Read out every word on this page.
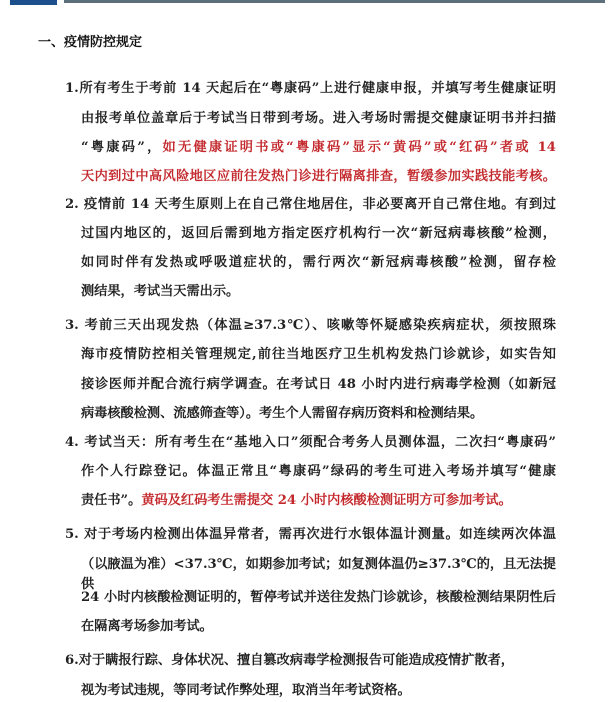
一、疫情防控规定
1.所有考生于考前 14 天起后在“粤康码”上进行健康申报，并填写考生健康证明
由报考单位盖章后于考试当日带到考场。进入考场时需提交健康证明书并扫描
“粤康码”，如无健康证明书或“粤康码”显示“黄码”或“红码”者或 14
天内到过中高风险地区应前往发热门诊进行隔离排查，暂缓参加实践技能考核。
2. 疫情前 14 天考生原则上在自己常住地居住，非必要离开自己常住地。有到过
过国内地区的，返回后需到地方指定医疗机构行一次“新冠病毒核酸”检测，
如同时伴有发热或呼吸道症状的，需行两次“新冠病毒核酸”检测，留存检
测结果，考试当天需出示。
3. 考前三天出现发热（体温≥37.3℃）、咳嗽等怀疑感染疾病症状，须按照珠
海市疫情防控相关管理规定,前往当地医疗卫生机构发热门诊就诊，如实告知
接诊医师并配合流行病学调查。在考试日 48 小时内进行病毒学检测（如新冠
病毒核酸检测、流感筛查等）。考生个人需留存病历资料和检测结果。
4. 考试当天：所有考生在“基地入口”须配合考务人员测体温，二次扫“粤康码”
作个人行踪登记。体温正常且“粤康码”绿码的考生可进入考场并填写“健康
责任书”。黄码及红码考生需提交 24 小时内核酸检测证明方可参加考试。
5. 对于考场内检测出体温异常者，需再次进行水银体温计测量。如连续两次体温
（以腋温为准）<37.3℃，如期参加考试；如复测体温仍≥37.3℃的，且无法提供
24 小时内核酸检测证明的，暂停考试并送往发热门诊就诊，核酸检测结果阴性后
在隔离考场参加考试。
6.对于瞒报行踪、身体状况、擅自篡改病毒学检测报告可能造成疫情扩散者，
视为考试违规，等同考试作弊处理，取消当年考试资格。
